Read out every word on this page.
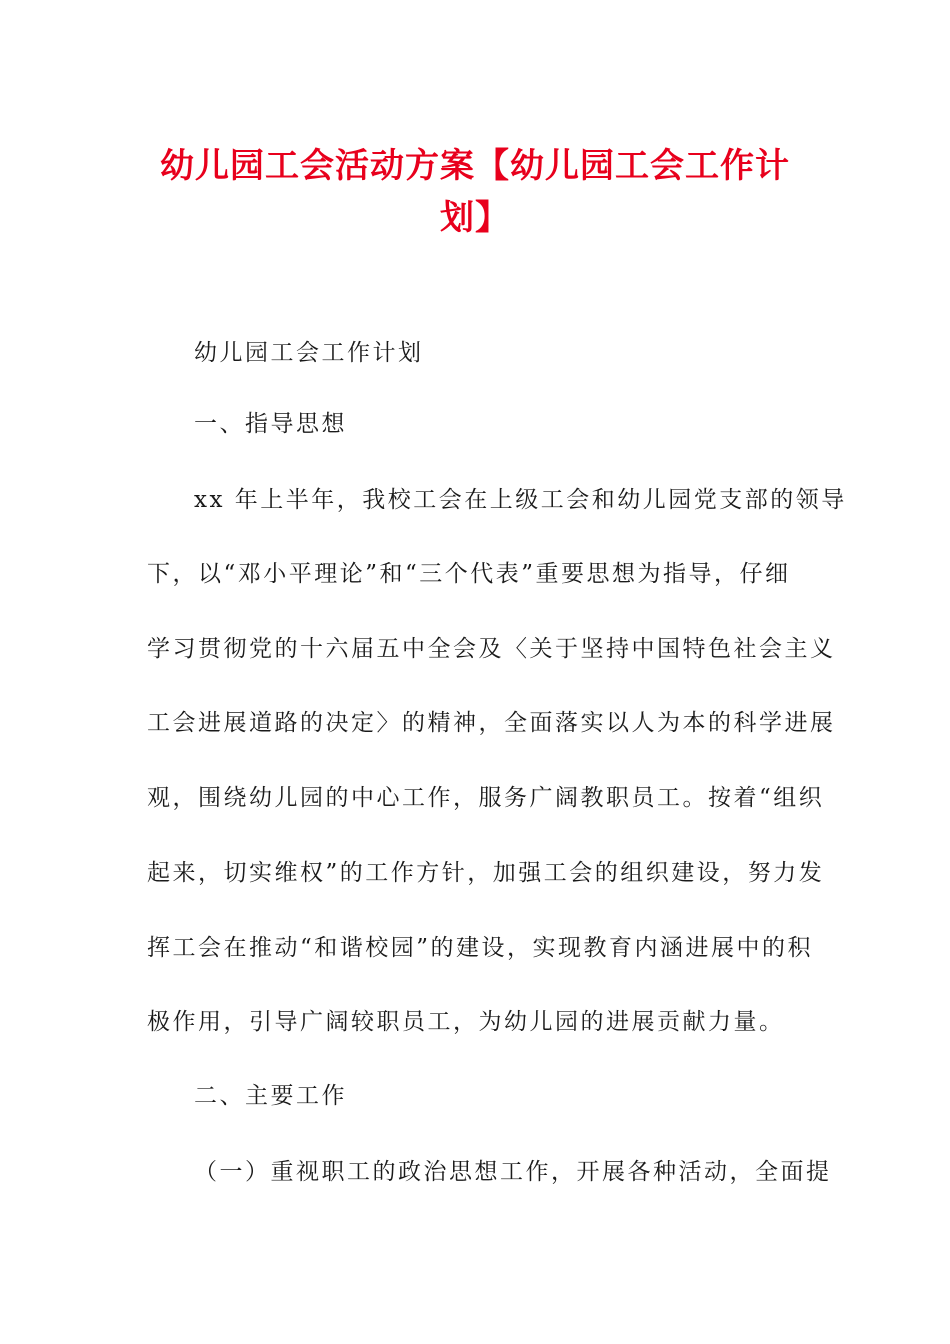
幼儿园工会活动方案【幼儿园工会工作计
划】
幼儿园工会工作计划
一、指导思想
xx 年上半年，我校工会在上级工会和幼儿园党支部的领导
下，以“邓小平理论”和“三个代表”重要思想为指导，仔细
学习贯彻党的十六届五中全会及〈关于坚持中国特色社会主义
工会进展道路的决定〉的精神，全面落实以人为本的科学进展
观，围绕幼儿园的中心工作，服务广阔教职员工。按着“组织
起来，切实维权”的工作方针，加强工会的组织建设，努力发
挥工会在推动“和谐校园”的建设，实现教育内涵进展中的积
极作用，引导广阔较职员工，为幼儿园的进展贡献力量。
二、主要工作
（一）重视职工的政治思想工作，开展各种活动，全面提
